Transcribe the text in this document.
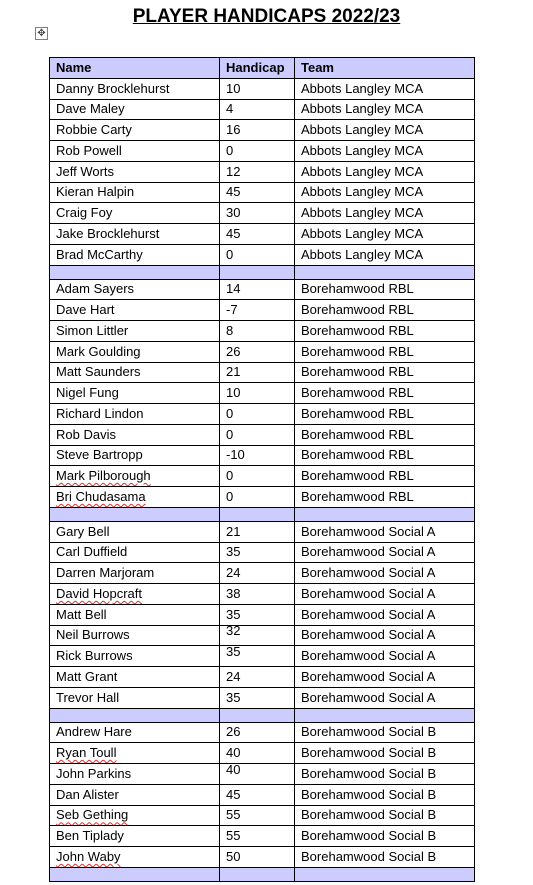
PLAYER HANDICAPS 2022/23
✥
Name	Handicap	Team
Danny Brocklehurst	10	Abbots Langley MCA
Dave Maley	4	Abbots Langley MCA
Robbie Carty	16	Abbots Langley MCA
Rob Powell	0	Abbots Langley MCA
Jeff Worts	12	Abbots Langley MCA
Kieran Halpin	45	Abbots Langley MCA
Craig Foy	30	Abbots Langley MCA
Jake Brocklehurst	45	Abbots Langley MCA
Brad McCarthy	0	Abbots Langley MCA

Adam Sayers	14	Borehamwood RBL
Dave Hart	-7	Borehamwood RBL
Simon Littler	8	Borehamwood RBL
Mark Goulding	26	Borehamwood RBL
Matt Saunders	21	Borehamwood RBL
Nigel Fung	10	Borehamwood RBL
Richard Lindon	0	Borehamwood RBL
Rob Davis	0	Borehamwood RBL
Steve Bartropp	-10	Borehamwood RBL
Mark Pilborough	0	Borehamwood RBL
Bri Chudasama	0	Borehamwood RBL

Gary Bell	21	Borehamwood Social A
Carl Duffield	35	Borehamwood Social A
Darren Marjoram	24	Borehamwood Social A
David Hopcraft	38	Borehamwood Social A
Matt Bell	35	Borehamwood Social A
Neil Burrows	32	Borehamwood Social A
Rick Burrows	35	Borehamwood Social A
Matt Grant	24	Borehamwood Social A
Trevor Hall	35	Borehamwood Social A

Andrew Hare	26	Borehamwood Social B
Ryan Toull	40	Borehamwood Social B
John Parkins	40	Borehamwood Social B
Dan Alister	45	Borehamwood Social B
Seb Gething	55	Borehamwood Social B
Ben Tiplady	55	Borehamwood Social B
John Waby	50	Borehamwood Social B
